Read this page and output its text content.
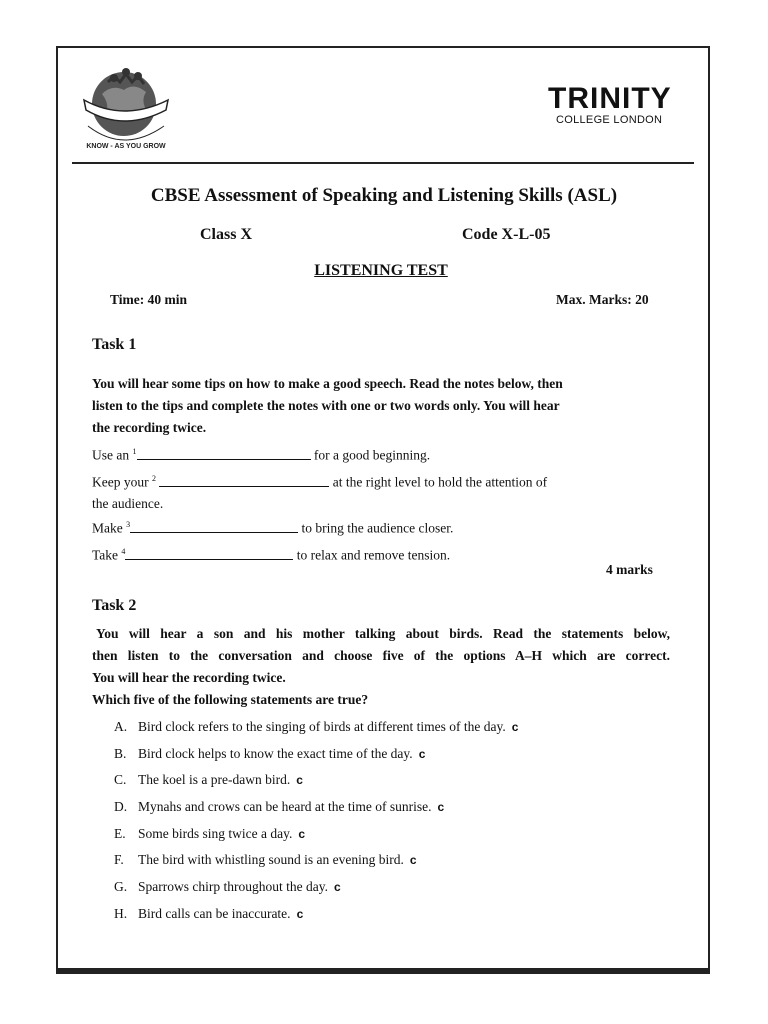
KNOW - AS YOU GROW
TRINITY
COLLEGE LONDON
CBSE Assessment of Speaking and Listening Skills (ASL)
Class X	Code X-L-05
LISTENING TEST
Time: 40 min	Max. Marks: 20
Task 1
You will hear some tips on how to make a good speech. Read the notes below, then
listen to the tips and complete the notes with one or two words only. You will hear
the recording twice.
Use an $^1$	for a good beginning.
Keep your $^2$	at the right level to hold the attention of
the audience.
Make $^3$	to bring the audience closer.
Take $^4$	to relax and remove tension.
4 marks
Task 2
You will hear a son and his mother talking about birds. Read the statements below,
then listen to the conversation and choose five of the options A–H which are correct.
You will hear the recording twice.
Which five of the following statements are true?
A. Bird clock refers to the singing of birds at different times of the day. c
B. Bird clock helps to know the exact time of the day. c
C. The koel is a pre-dawn bird. c
D. Mynahs and crows can be heard at the time of sunrise. c
E. Some birds sing twice a day. c
F. The bird with whistling sound is an evening bird. c
G. Sparrows chirp throughout the day. c
H. Bird calls can be inaccurate. c
